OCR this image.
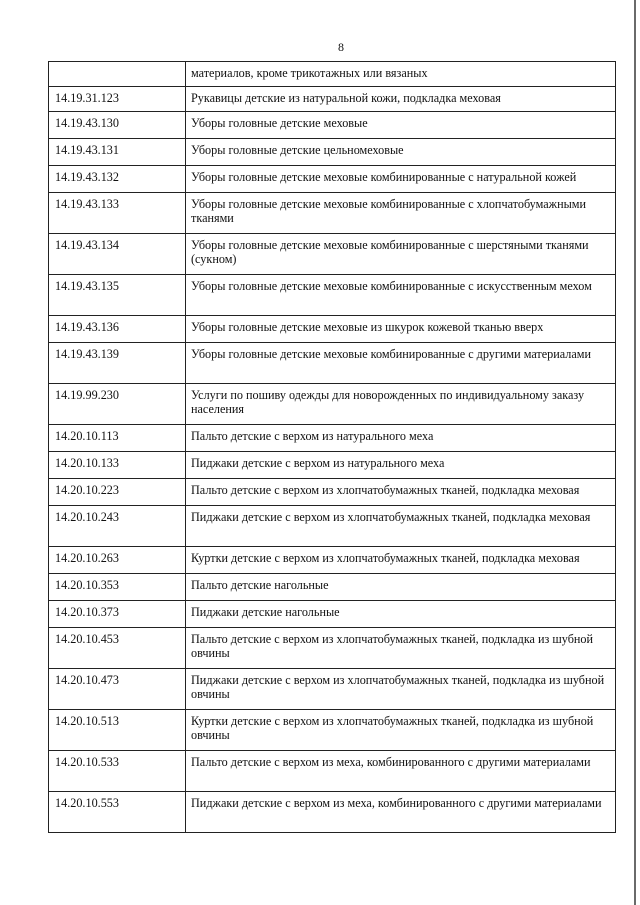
8
	материалов, кроме трикотажных или вязаных
14.19.31.123	Рукавицы детские из натуральной кожи, подкладка меховая
14.19.43.130	Уборы головные детские меховые
14.19.43.131	Уборы головные детские цельномеховые
14.19.43.132	Уборы головные детские меховые комбинированные с натуральной кожей
14.19.43.133	Уборы головные детские меховые комбинированные с хлопчатобумажными тканями
14.19.43.134	Уборы головные детские меховые комбинированные с шерстяными тканями (сукном)
14.19.43.135	Уборы головные детские меховые комбинированные с искусственным мехом
14.19.43.136	Уборы головные детские меховые из шкурок кожевой тканью вверх
14.19.43.139	Уборы головные детские меховые комбинированные с другими материалами
14.19.99.230	Услуги по пошиву одежды для новорожденных по индивидуальному заказу населения
14.20.10.113	Пальто детские с верхом из натурального меха
14.20.10.133	Пиджаки детские с верхом из натурального меха
14.20.10.223	Пальто детские с верхом из хлопчатобумажных тканей, подкладка меховая
14.20.10.243	Пиджаки детские с верхом из хлопчатобумажных тканей, подкладка меховая
14.20.10.263	Куртки детские с верхом из хлопчатобумажных тканей, подкладка меховая
14.20.10.353	Пальто детские нагольные
14.20.10.373	Пиджаки детские нагольные
14.20.10.453	Пальто детские с верхом из хлопчатобумажных тканей, подкладка из шубной овчины
14.20.10.473	Пиджаки детские с верхом из хлопчатобумажных тканей, подкладка из шубной овчины
14.20.10.513	Куртки детские с верхом из хлопчатобумажных тканей, подкладка из шубной овчины
14.20.10.533	Пальто детские с верхом из меха, комбинированного с другими материалами
14.20.10.553	Пиджаки детские с верхом из меха, комбинированного с другими материалами
